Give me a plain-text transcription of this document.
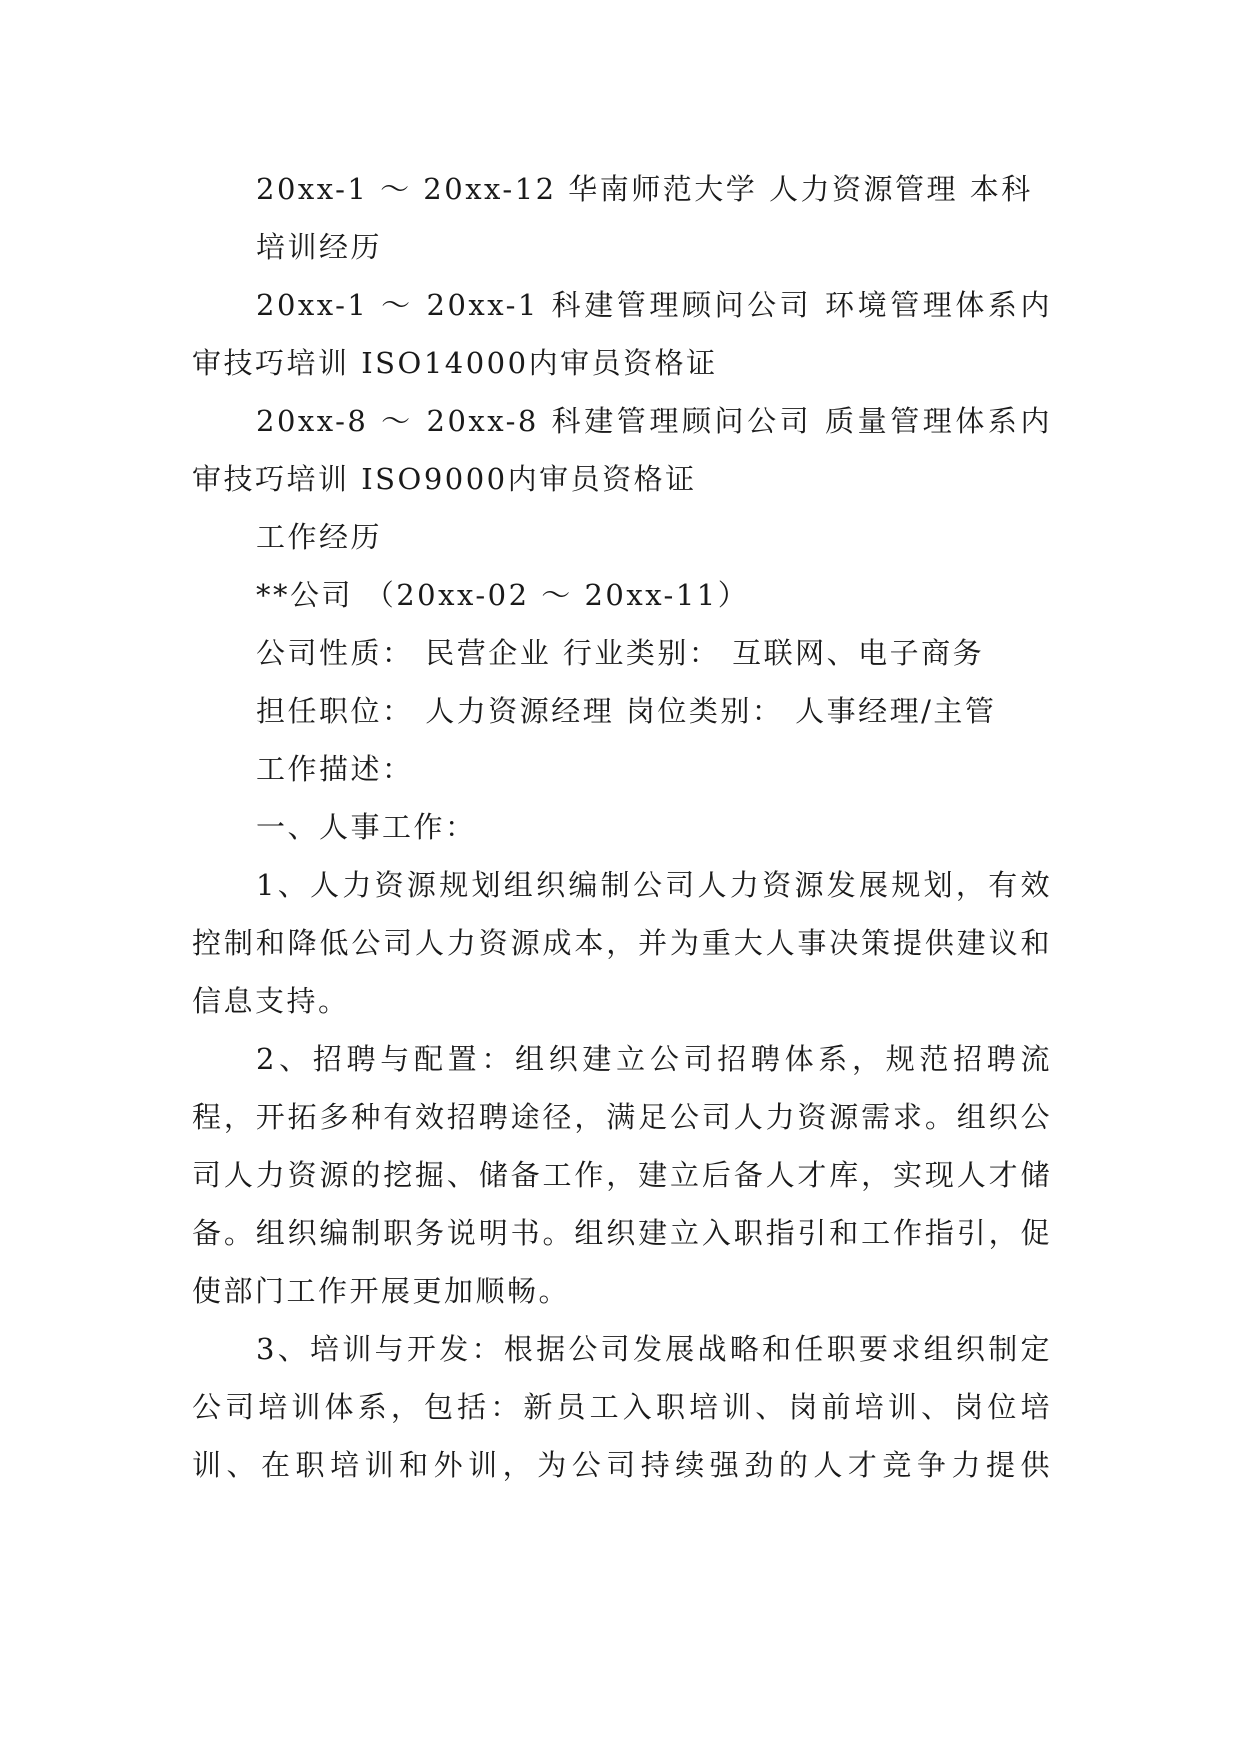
20xx-1 ～ 20xx-12 华南师范大学 人力资源管理 本科

培训经历

20xx-1 ～ 20xx-1 科建管理顾问公司 环境管理体系内审技巧培训 ISO14000内审员资格证

20xx-8 ～ 20xx-8 科建管理顾问公司 质量管理体系内审技巧培训 ISO9000内审员资格证

工作经历

**公司 （20xx-02 ～ 20xx-11）

公司性质： 民营企业 行业类别： 互联网、电子商务

担任职位： 人力资源经理 岗位类别： 人事经理/主管

工作描述：

一、人事工作：

1、人力资源规划组织编制公司人力资源发展规划，有效控制和降低公司人力资源成本，并为重大人事决策提供建议和信息支持。

2、招聘与配置：组织建立公司招聘体系，规范招聘流程，开拓多种有效招聘途径，满足公司人力资源需求。组织公司人力资源的挖掘、储备工作，建立后备人才库，实现人才储备。组织编制职务说明书。组织建立入职指引和工作指引，促使部门工作开展更加顺畅。

3、培训与开发：根据公司发展战略和任职要求组织制定公司培训体系，包括：新员工入职培训、岗前培训、岗位培训、在职培训和外训，为公司持续强劲的人才竞争力提供
